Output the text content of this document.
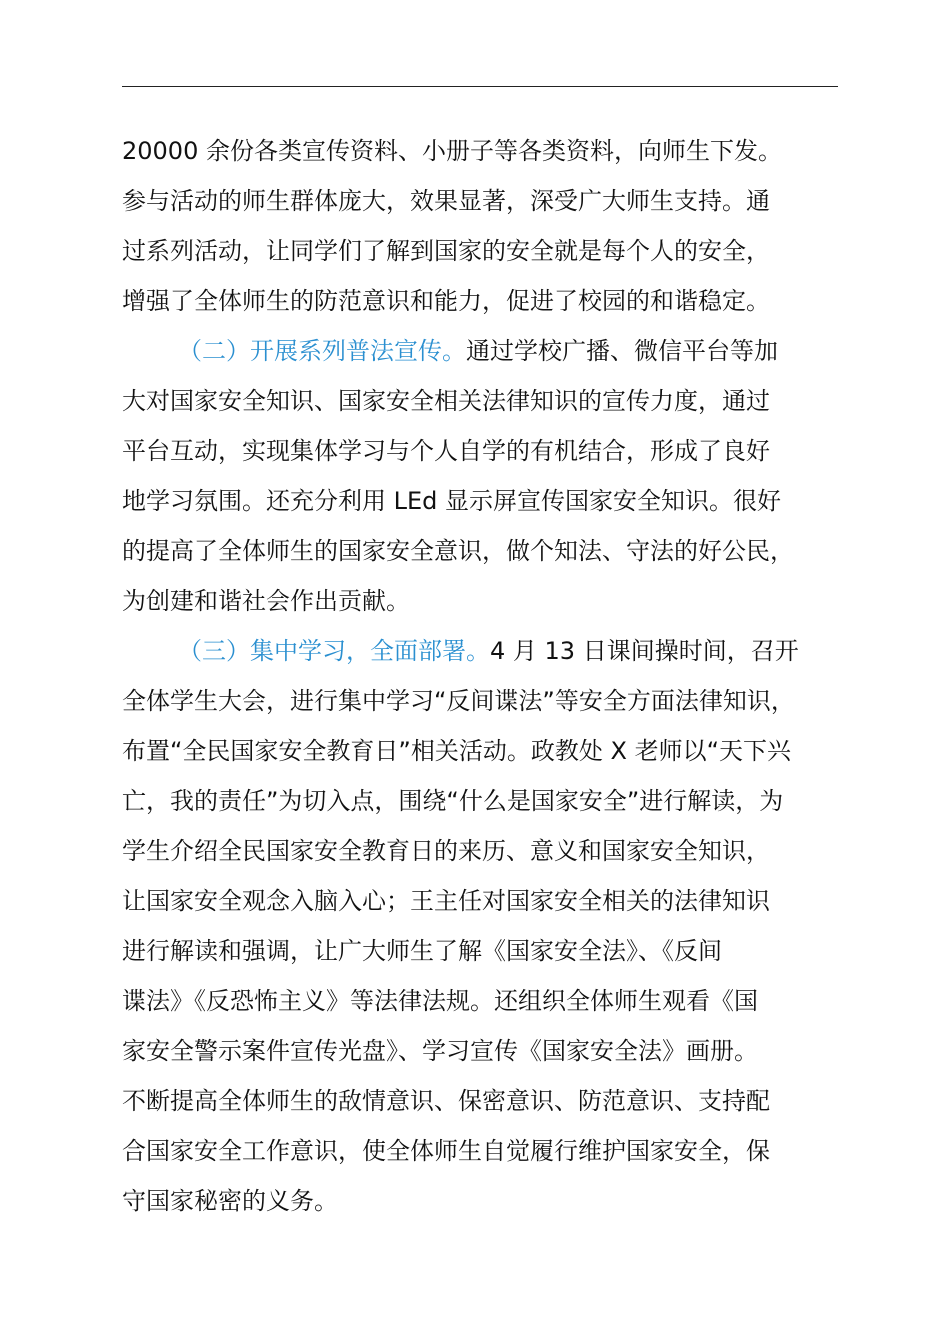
20000 余份各类宣传资料、小册子等各类资料，向师生下发。
参与活动的师生群体庞大，效果显著，深受广大师生支持。通
过系列活动，让同学们了解到国家的安全就是每个人的安全，
增强了全体师生的防范意识和能力，促进了校园的和谐稳定。
（二）开展系列普法宣传。通过学校广播、微信平台等加
大对国家安全知识、国家安全相关法律知识的宣传力度，通过
平台互动，实现集体学习与个人自学的有机结合，形成了良好
地学习氛围。还充分利用 LEd 显示屏宣传国家安全知识。很好
的提高了全体师生的国家安全意识，做个知法、守法的好公民，
为创建和谐社会作出贡献。
（三）集中学习，全面部署。4 月 13 日课间操时间，召开
全体学生大会，进行集中学习“反间谍法”等安全方面法律知识，
布置“全民国家安全教育日”相关活动。政教处 X 老师以“天下兴
亡，我的责任”为切入点，围绕“什么是国家安全”进行解读，为
学生介绍全民国家安全教育日的来历、意义和国家安全知识，
让国家安全观念入脑入心；王主任对国家安全相关的法律知识
进行解读和强调，让广大师生了解《国家安全法》、《反间
谍法》《反恐怖主义》等法律法规。还组织全体师生观看《国
家安全警示案件宣传光盘》、学习宣传《国家安全法》画册。
不断提高全体师生的敌情意识、保密意识、防范意识、支持配
合国家安全工作意识，使全体师生自觉履行维护国家安全，保
守国家秘密的义务。
